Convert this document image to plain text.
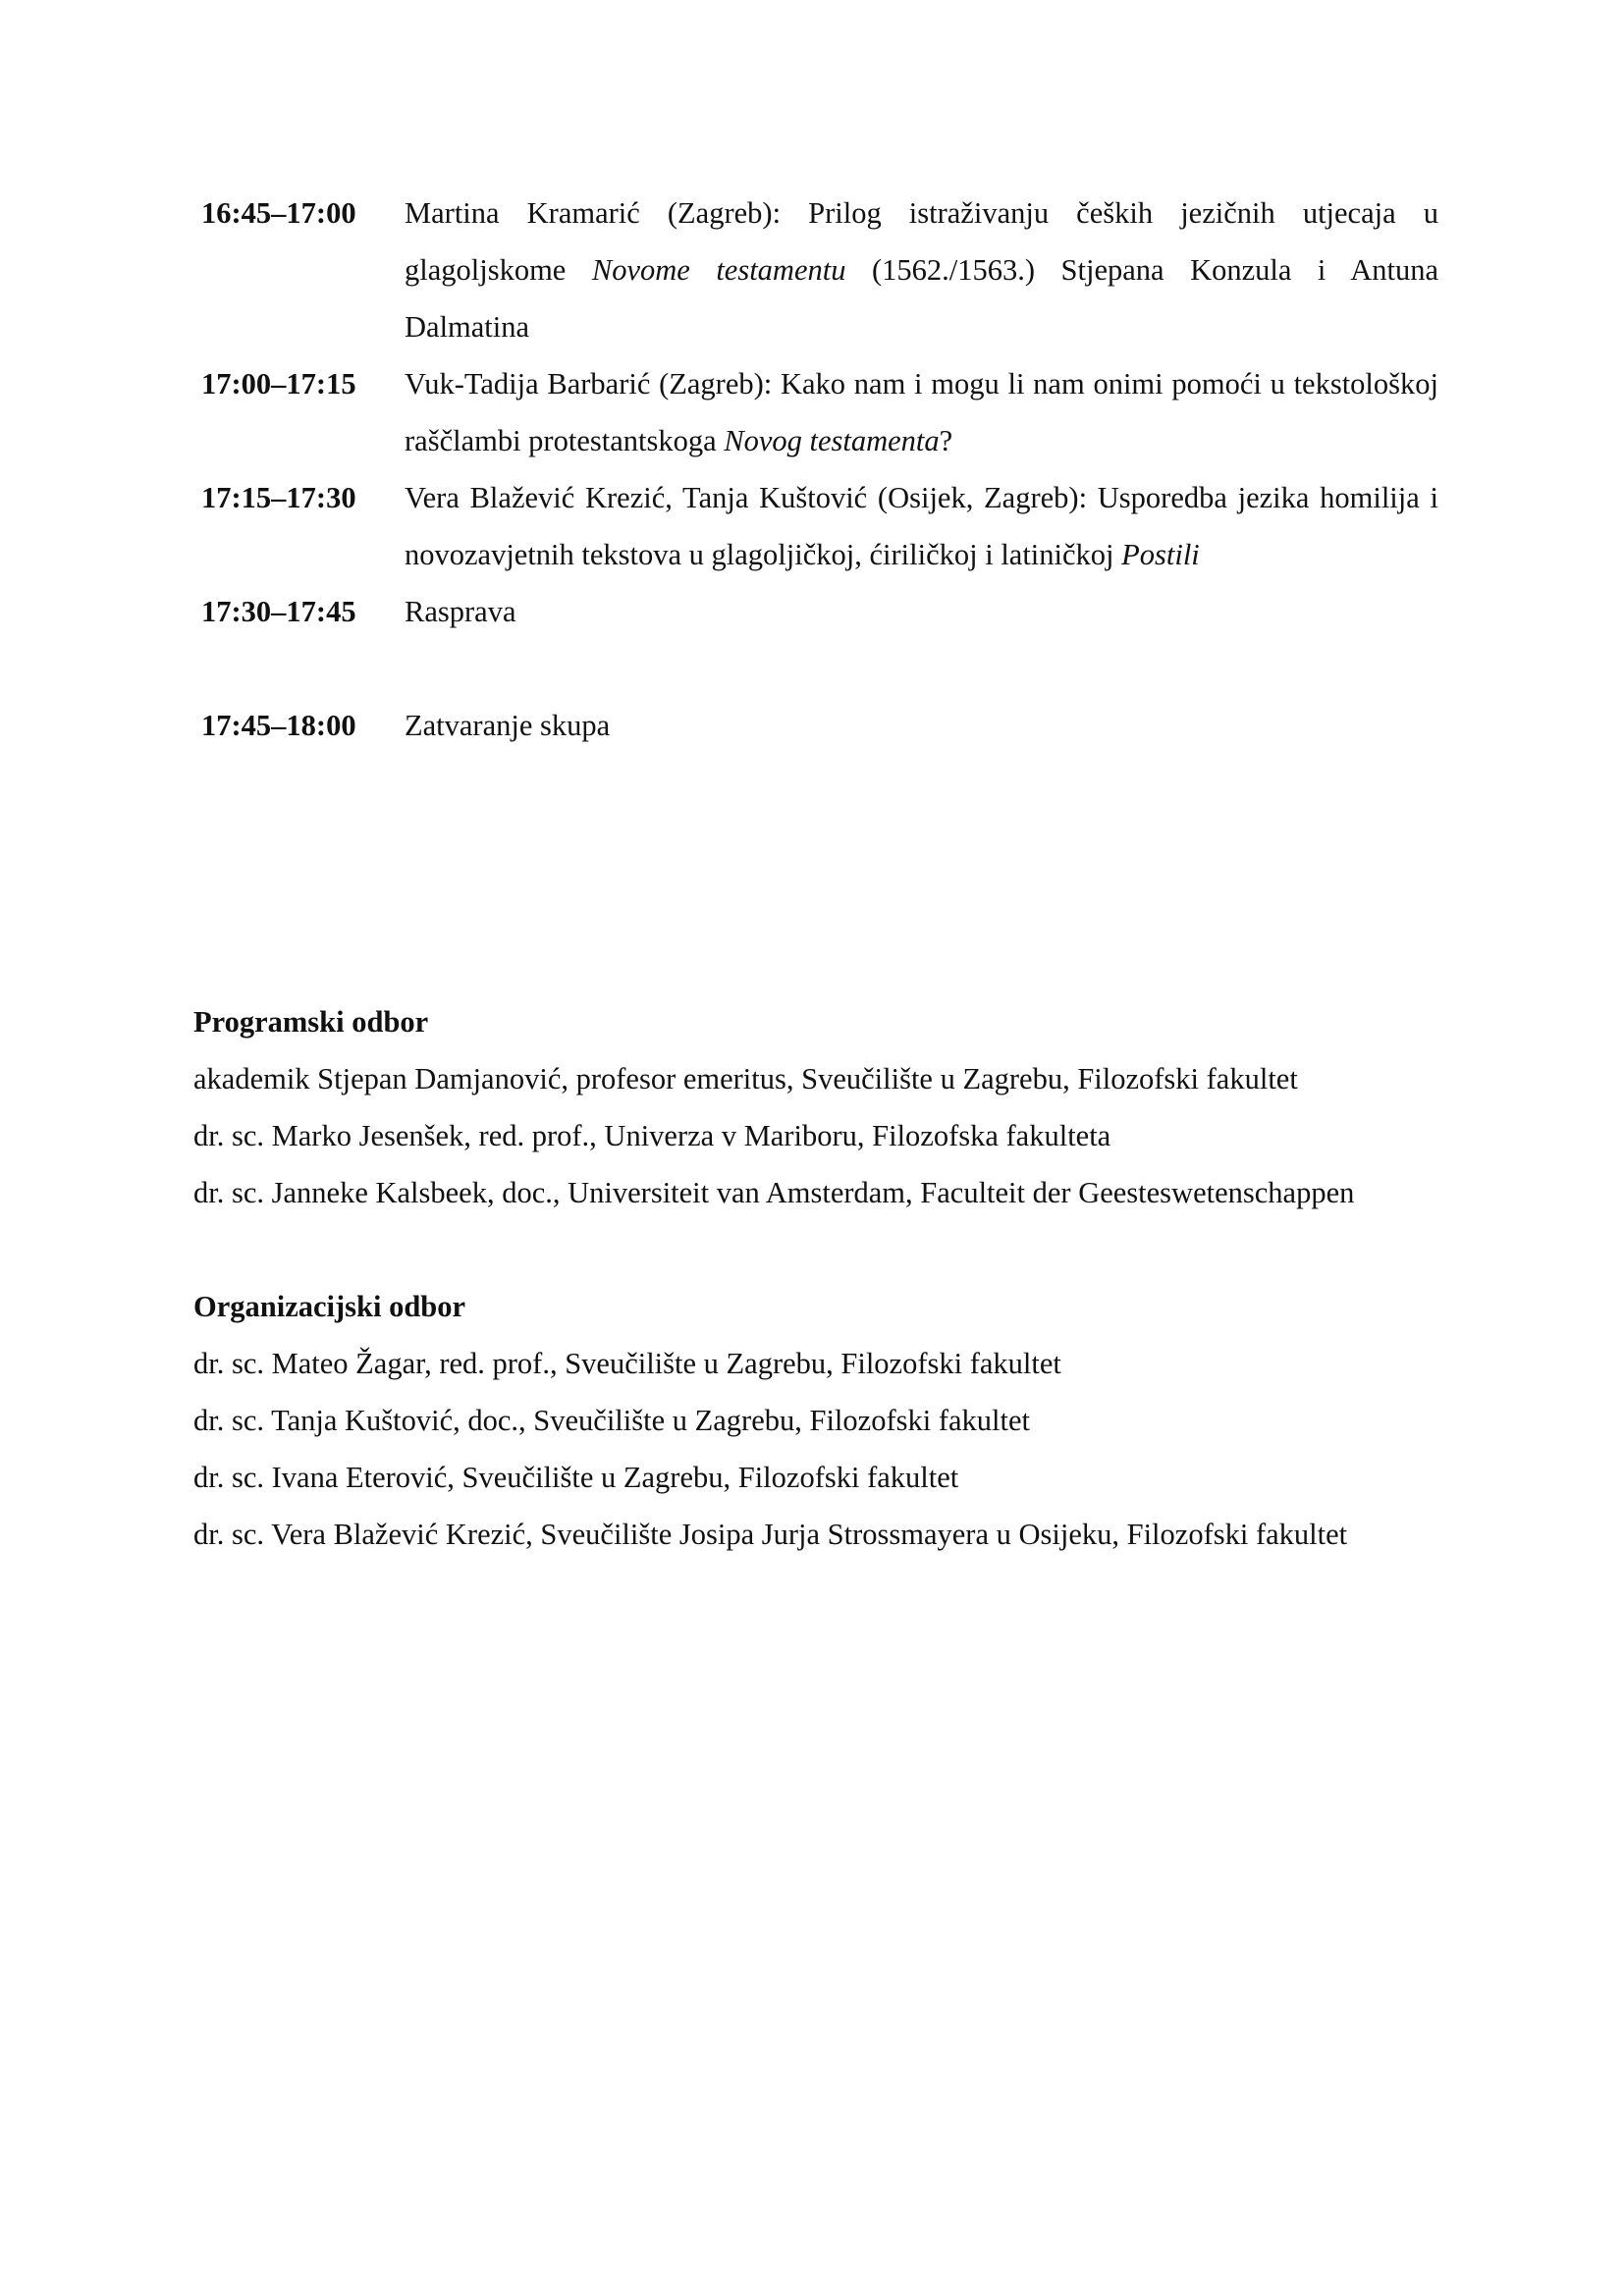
16:45–17:00	Martina Kramarić (Zagreb): Prilog istraživanju čeških jezičnih utjecaja u glagoljskome Novome testamentu (1562./1563.) Stjepana Konzula i Antuna Dalmatina
17:00–17:15	Vuk-Tadija Barbarić (Zagreb): Kako nam i mogu li nam onimi pomoći u tekstološkoj raščlambi protestantskoga Novog testamenta?
17:15–17:30	Vera Blažević Krezić, Tanja Kuštović (Osijek, Zagreb): Usporedba jezika homilija i novozavjetnih tekstova u glagoljičkoj, ćiriličkoj i latiničkoj Postili
17:30–17:45	Rasprava
17:45–18:00	Zatvaranje skupa
Programski odbor
akademik Stjepan Damjanović, profesor emeritus, Sveučilište u Zagrebu, Filozofski fakultet
dr. sc. Marko Jesenšek, red. prof., Univerza v Mariboru, Filozofska fakulteta
dr. sc. Janneke Kalsbeek, doc., Universiteit van Amsterdam, Faculteit der Geesteswetenschappen
Organizacijski odbor
dr. sc. Mateo Žagar, red. prof., Sveučilište u Zagrebu, Filozofski fakultet
dr. sc. Tanja Kuštović, doc., Sveučilište u Zagrebu, Filozofski fakultet
dr. sc. Ivana Eterović, Sveučilište u Zagrebu, Filozofski fakultet
dr. sc. Vera Blažević Krezić, Sveučilište Josipa Jurja Strossmayera u Osijeku, Filozofski fakultet
